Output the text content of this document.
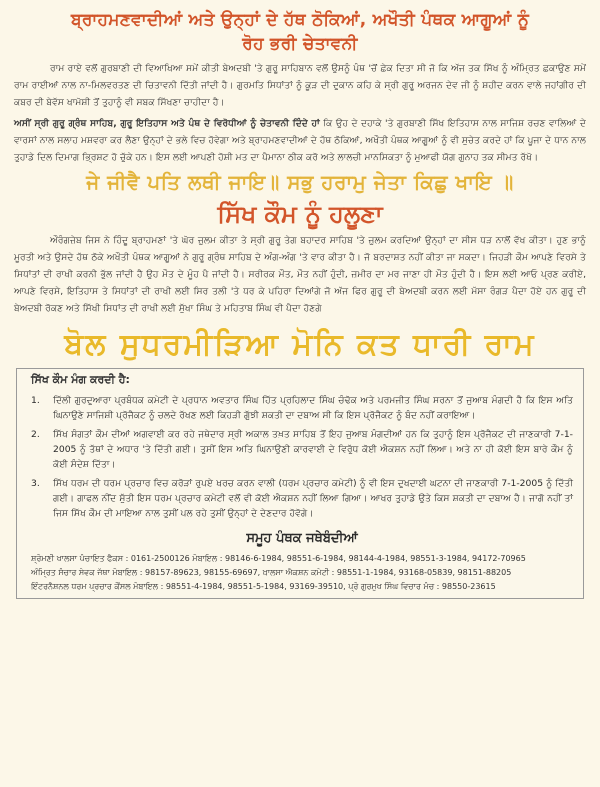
ਬ੍ਰਾਹਮਣਵਾਦੀਆਂ ਅਤੇ ਉਨ੍ਹਾਂ ਦੇ ਹੱਥ ਠੋਕਿਆਂ, ਅਖੌਤੀ ਪੰਥਕ ਆਗੂਆਂ ਨੂੰ
ਰੋਹ ਭਰੀ ਚੇਤਾਵਨੀ

ਰਾਮ ਰਾਏ ਵਲੋਂ ਗੁਰਬਾਣੀ ਦੀ ਵਿਆਖਿਆ ਸਮੇਂ ਕੀਤੀ ਬੇਅਦਬੀ 'ਤੇ ਗੁਰੂ ਸਾਹਿਬਾਨ ਵਲੋਂ ਉਸਨੂੰ ਪੰਥ 'ਚੋਂ ਛੇਕ ਦਿਤਾ ਸੀ ਜੋ ਕਿ ਅੱਜ ਤਕ ਸਿੱਖ ਨੂੰ ਅੰਮ੍ਰਿਤ ਛਕਾਉਣ ਸਮੇਂ ਰਾਮ ਰਾਈਆਂ ਨਾਲ ਨਾ-ਮਿਲਵਰਤਣ ਦੀ ਚਿਤਾਵਨੀ ਦਿੱਤੀ ਜਾਂਦੀ ਹੈ। ਗੁਰਮਤਿ ਸਿਧਾਂਤਾਂ ਨੂੰ ਕੂੜ ਦੀ ਦੁਕਾਨ ਕਹਿ ਕੇ ਸ੍ਰੀ ਗੁਰੂ ਅਰਜਨ ਦੇਵ ਜੀ ਨੂੰ ਸ਼ਹੀਦ ਕਰਨ ਵਾਲੇ ਜਹਾਂਗੀਰ ਦੀ ਕਬਰ ਦੀ ਬੇਵੱਸ ਖਾਮੋਸ਼ੀ ਤੋਂ ਤੁਹਾਨੂੰ ਵੀ ਸਬਕ ਸਿੱਖਣਾ ਚਾਹੀਦਾ ਹੈ।

ਅਸੀਂ ਸ੍ਰੀ ਗੁਰੂ ਗ੍ਰੰਥ ਸਾਹਿਬ, ਗੁਰੂ ਇਤਿਹਾਸ ਅਤੇ ਪੰਥ ਦੇ ਵਿਰੋਧੀਆਂ ਨੂੰ ਚੇਤਾਵਨੀ ਦਿੰਦੇ ਹਾਂ ਕਿ ਉਹ ਦੇ ਦਹਾਕੇ 'ਤੇ ਗੁਰਬਾਣੀ ਸਿੱਖ ਇਤਿਹਾਸ ਨਾਲ ਸਾਜਿਸ਼ ਰਚਣ ਵਾਲਿਆਂ ਦੇ ਵਾਰਸਾਂ ਨਾਲ ਸਲਾਹ ਮਸ਼ਵਰਾ ਕਰ ਲੈਣਾ ਉਨ੍ਹਾਂ ਦੇ ਭਲੇ ਵਿਚ ਹੋਵੇਗਾ ਅਤੇ ਬ੍ਰਾਹਮਣਵਾਦੀਆਂ ਦੇ ਹੱਥ ਠੋਕਿਆਂ, ਅਖੌਤੀ ਪੰਥਕ ਆਗੂਆਂ ਨੂੰ ਵੀ ਸੁਚੇਤ ਕਰਦੇ ਹਾਂ ਕਿ ਪੂਜਾ ਦੇ ਧਾਨ ਨਾਲ ਤੁਹਾਡੇ ਦਿਲ ਦਿਮਾਗ ਭ੍ਰਿਸ਼ਟ ਹੋ ਚੁੱਕੇ ਹਨ। ਇਸ ਲਈ ਆਪਣੀ ਹੋਸ਼ੀ ਮਤ ਦਾ ਪੈਮਾਨਾ ਠੀਕ ਕਰੋ ਅਤੇ ਲਾਲਚੀ ਮਾਨਸਿਕਤਾ ਨੂੰ ਮੁਆਫੀ ਯੋਗ ਗੁਨਾਹ ਤਕ ਸੀਮਤ ਰੱਖੋ।

ਜੇ ਜੀਵੈ ਪਤਿ ਲਥੀ ਜਾਇ॥ ਸਭੁ ਹਰਾਮੁ ਜੇਤਾ ਕਿਛੁ ਖਾਇ ॥
ਸਿੱਖ ਕੌਮ ਨੂੰ ਹਲੂਣਾ

ਔਰੰਗਜ਼ੇਬ ਜਿਸ ਨੇ ਹਿੰਦੂ ਬ੍ਰਾਹਮਣਾਂ 'ਤੇ ਘੋਰ ਜ਼ੁਲਮ ਕੀਤਾ ਤੇ ਸ੍ਰੀ ਗੁਰੂ ਤੇਗ ਬਹਾਦਰ ਸਾਹਿਬ 'ਤੇ ਜ਼ੁਲਮ ਕਰਦਿਆਂ ਉਨ੍ਹਾਂ ਦਾ ਸੀਸ ਧੜ ਨਾਲੋਂ ਵੱਖ ਕੀਤਾ। ਹੁਣ ਭਾਨੂੰ ਮੂਰਤੀ ਅਤੇ ਉਸਦੇ ਹੱਥ ਠੋਕੇ ਅਖੌਤੀ ਪੰਥਕ ਆਗੂਆਂ ਨੇ ਗੁਰੂ ਗ੍ਰੰਥ ਸਾਹਿਬ ਦੇ ਅੰਗ-ਅੰਗ 'ਤੇ ਵਾਰ ਕੀਤਾ ਹੈ। ਜੋ ਬਰਦਾਸ਼ਤ ਨਹੀਂ ਕੀਤਾ ਜਾ ਸਕਦਾ। ਜਿਹੜੀ ਕੌਮ ਆਪਣੇ ਵਿਰਸੇ ਤੇ ਸਿਧਾਂਤਾਂ ਦੀ ਰਾਖੀ ਕਰਨੀ ਭੁੱਲ ਜਾਂਦੀ ਹੈ ਉਹ ਮੌਤ ਦੇ ਮੂੰਹ ਪੈ ਜਾਂਦੀ ਹੈ। ਸਰੀਰਕ ਮੌਤ, ਮੌਤ ਨਹੀਂ ਹੁੰਦੀ, ਜ਼ਮੀਰ ਦਾ ਮਰ ਜਾਣਾ ਹੀ ਮੌਤ ਹੁੰਦੀ ਹੈ। ਇਸ ਲਈ ਆਓ ਪ੍ਰਣ ਕਰੀਏ, ਆਪਣੇ ਵਿਰਸੇ, ਇਤਿਹਾਸ ਤੇ ਸਿਧਾਂਤਾਂ ਦੀ ਰਾਖੀ ਲਈ ਸਿਰ ਤਲੀ 'ਤੇ ਧਰ ਕੇ ਪਹਿਰਾ ਦਿਆਂਗੇ ਜੋ ਅੱਜ ਫਿਰ ਗੁਰੂ ਦੀ ਬੇਅਦਬੀ ਕਰਨ ਲਈ ਮੱਸਾ ਰੰਗੜ ਪੈਦਾ ਹੋਏ ਹਨ ਗੁਰੂ ਦੀ ਬੇਅਦਬੀ ਰੋਕਣ ਅਤੇ ਸਿੱਖੀ ਸਿਧਾਂਤ ਦੀ ਰਾਖੀ ਲਈ ਸੁੱਖਾ ਸਿੰਘ ਤੇ ਮਹਿਤਾਬ ਸਿੰਘ ਵੀ ਪੈਦਾ ਹੋਣਗੇ

ਬੋਲ ਸੁਧਰਮੀੜਿਆ ਮੋਨਿ ਕਤ ਧਾਰੀ ਰਾਮ
ਸਿੱਖ ਕੌਮ ਮੰਗ ਕਰਦੀ ਹੈ:
1.	ਦਿੱਲੀ ਗੁਰਦੁਆਰਾ ਪ੍ਰਬੰਧਕ ਕਮੇਟੀ ਦੇ ਪ੍ਰਧਾਨ ਅਵਤਾਰ ਸਿੰਘ ਹਿੱਤ ਪ੍ਰਹਿਲਾਦ ਸਿੰਘ ਚੰਢੋਕ ਅਤੇ ਪਰਮਜੀਤ ਸਿੰਘ ਸਰਨਾ ਤੋਂ ਜੁਆਬ ਮੰਗਦੀ ਹੈ ਕਿ ਇਸ ਅਤਿ ਘਿਨਾਉਣੇ ਸਾਜਿਸ਼ੀ ਪ੍ਰੋਜੈਕਟ ਨੂੰ ਚਲਦੇ ਰੱਖਣ ਲਈ ਕਿਹੜੀ ਗੁੱਝੀ ਸ਼ਕਤੀ ਦਾ ਦਬਾਅ ਸੀ ਕਿ ਇਸ ਪ੍ਰੋਜੈਕਟ ਨੂੰ ਬੰਦ ਨਹੀਂ ਕਰਾਇਆ।
2.	ਸਿੱਖ ਸੰਗਤਾਂ ਕੌਮ ਦੀਆਂ ਅਗਵਾਈ ਕਰ ਰਹੇ ਜਥੇਦਾਰ ਸ੍ਰੀ ਅਕਾਲ ਤਖ਼ਤ ਸਾਹਿਬ ਤੋਂ ਇਹ ਜੁਆਬ ਮੰਗਦੀਆਂ ਹਨ ਕਿ ਤੁਹਾਨੂੰ ਇਸ ਪ੍ਰੋਜੈਕਟ ਦੀ ਜਾਣਕਾਰੀ 7-1-2005 ਨੂੰ ਤੱਥਾਂ ਦੇ ਅਧਾਰ 'ਤੇ ਦਿੱਤੀ ਗਈ। ਤੁਸੀਂ ਇਸ ਅਤਿ ਘਿਨਾਉਣੀ ਕਾਰਵਾਈ ਦੇ ਵਿਰੁੱਧ ਕੋਈ ਐਕਸ਼ਨ ਨਹੀਂ ਲਿਆ। ਅਤੇ ਨਾ ਹੀ ਕੋਈ ਇਸ ਬਾਰੇ ਕੌਮ ਨੂੰ ਕੋਈ ਸੰਦੇਸ਼ ਦਿੱਤਾ।
3.	ਸਿੱਖ ਧਰਮ ਦੀ ਧਰਮ ਪ੍ਰਚਾਰ ਵਿਚ ਕਰੋੜਾਂ ਰੁਪਏ ਖਰਚ ਕਰਨ ਵਾਲੀ (ਧਰਮ ਪ੍ਰਚਾਰ ਕਮੇਟੀ) ਨੂੰ ਵੀ ਇਸ ਦੁਖਦਾਈ ਘਟਨਾ ਦੀ ਜਾਣਕਾਰੀ 7-1-2005 ਨੂੰ ਦਿੱਤੀ ਗਈ। ਗਾਫਲ ਨੀਂਦ ਸੁੱਤੀ ਇਸ ਧਰਮ ਪ੍ਰਚਾਰ ਕਮੇਟੀ ਵਲੋਂ ਵੀ ਕੋਈ ਐਕਸ਼ਨ ਨਹੀਂ ਲਿਆ ਗਿਆ। ਆਖਰ ਤੁਹਾਡੇ ਉਤੇ ਕਿਸ ਸ਼ਕਤੀ ਦਾ ਦਬਾਅ ਹੈ। ਜਾਗੋ ਨਹੀਂ ਤਾਂ ਜਿਸ ਸਿੱਖ ਕੌਮ ਦੀ ਮਾਇਆ ਨਾਲ ਤੁਸੀਂ ਪਲ ਰਹੇ ਤੁਸੀਂ ਉਨ੍ਹਾਂ ਦੇ ਦੇਣਦਾਰ ਹੋਵੋਗੇ।
ਸਮੂਹ ਪੰਥਕ ਜਥੇਬੰਦੀਆਂ
ਸ਼੍ਰੋਮਣੀ ਖਾਲਸਾ ਪੰਚਾਇਤ ਫੈਕਸ : 0161-2500126 ਮੋਬਾਇਲ : 98146-6-1984, 98551-6-1984, 98144-4-1984, 98551-3-1984, 94172-70965
ਅੰਮ੍ਰਿਤ ਸੰਚਾਰ ਸੇਵਕ ਜੱਥਾ ਮੋਬਾਇਲ : 98157-89623, 98155-69697, ਖ਼ਾਲਸਾ ਐਕਸ਼ਨ ਕਮੇਟੀ : 98551-1-1984, 93168-05839, 98151-88205
ਇੰਟਰਨੈਸ਼ਨਲ ਧਰਮ ਪ੍ਰਚਾਰ ਕੌਂਸਲ ਮੋਬਾਇਲ : 98551-4-1984, 98551-5-1984, 93169-39510, ਪ੍ਰੋ ਗੁਰਮੁਖ ਸਿੰਘ ਵਿਚਾਰ ਮੰਚ : 98550-23615
